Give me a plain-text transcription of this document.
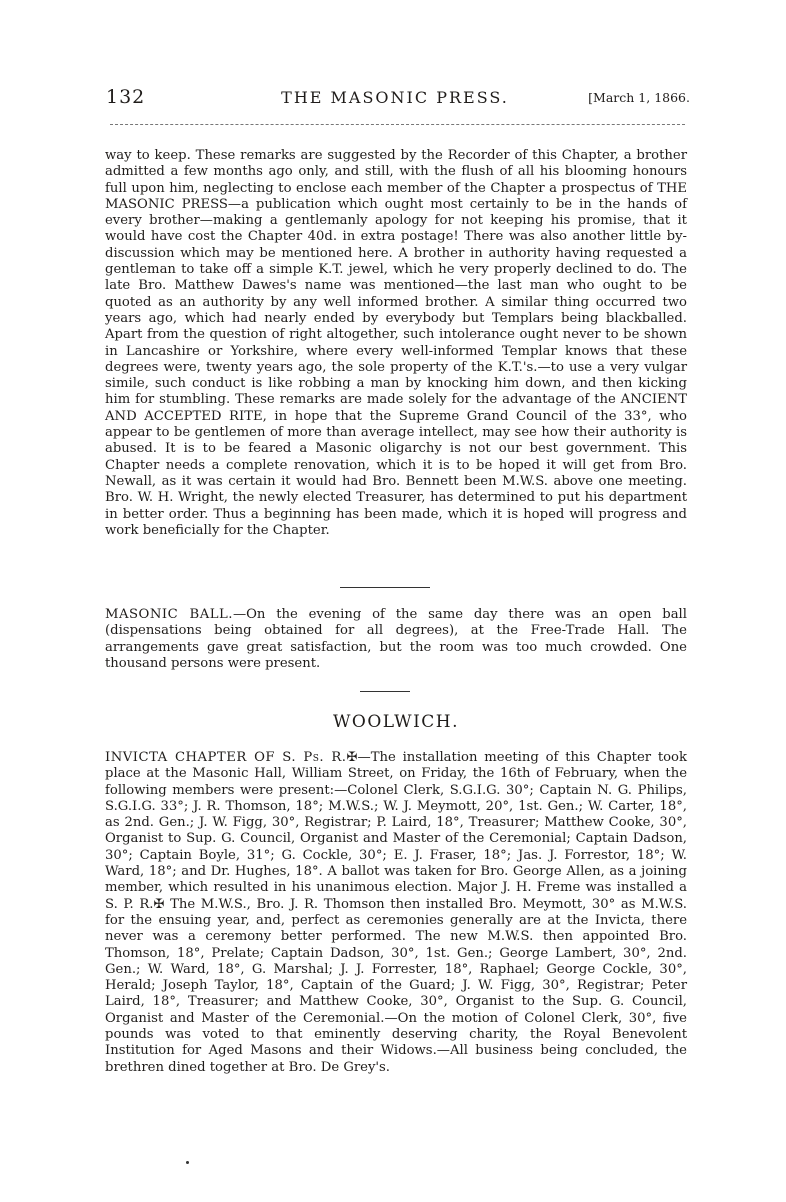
132	THE MASONIC PRESS.	[March 1, 1866.

way to keep. These remarks are suggested by the Recorder of this Chapter, a brother admitted a few months ago only, and still, with the flush of all his blooming honours full upon him, neglecting to enclose each member of the Chapter a prospectus of THE MASONIC PRESS—a publication which ought most certainly to be in the hands of every brother—making a gentlemanly apology for not keeping his promise, that it would have cost the Chapter 40d. in extra postage! There was also another little by-discussion which may be mentioned here. A brother in authority having requested a gentleman to take off a simple K.T. jewel, which he very properly declined to do. The late Bro. Matthew Dawes's name was mentioned—the last man who ought to be quoted as an authority by any well informed brother. A similar thing occurred two years ago, which had nearly ended by everybody but Templars being blackballed. Apart from the question of right altogether, such intolerance ought never to be shown in Lancashire or Yorkshire, where every well-informed Templar knows that these degrees were, twenty years ago, the sole property of the K.T.'s.—to use a very vulgar simile, such conduct is like robbing a man by knocking him down, and then kicking him for stumbling. These remarks are made solely for the advantage of the ANCIENT AND ACCEPTED RITE, in hope that the Supreme Grand Council of the 33°, who appear to be gentlemen of more than average intellect, may see how their authority is abused. It is to be feared a Masonic oligarchy is not our best government. This Chapter needs a complete renovation, which it is to be hoped it will get from Bro. Newall, as it was certain it would had Bro. Bennett been M.W.S. above one meeting. Bro. W. H. Wright, the newly elected Treasurer, has determined to put his department in better order. Thus a beginning has been made, which it is hoped will progress and work beneficially for the Chapter.

MASONIC BALL.—On the evening of the same day there was an open ball (dispensations being obtained for all degrees), at the Free-Trade Hall. The arrangements gave great satisfaction, but the room was too much crowded. One thousand persons were present.

WOOLWICH.

INVICTA CHAPTER OF S. Ps. R.✠—The installation meeting of this Chapter took place at the Masonic Hall, William Street, on Friday, the 16th of February, when the following members were present:—Colonel Clerk, S.G.I.G. 30°; Captain N. G. Philips, S.G.I.G. 33°; J. R. Thomson, 18°; M.W.S.; W. J. Meymott, 20°, 1st. Gen.; W. Carter, 18°, as 2nd. Gen.; J. W. Figg, 30°, Registrar; P. Laird, 18°, Treasurer; Matthew Cooke, 30°, Organist to Sup. G. Council, Organist and Master of the Ceremonial; Captain Dadson, 30°; Captain Boyle, 31°; G. Cockle, 30°; E. J. Fraser, 18°; Jas. J. Forrestor, 18°; W. Ward, 18°; and Dr. Hughes, 18°. A ballot was taken for Bro. George Allen, as a joining member, which resulted in his unanimous election. Major J. H. Freme was installed a S. P. R.✠ The M.W.S., Bro. J. R. Thomson then installed Bro. Meymott, 30° as M.W.S. for the ensuing year, and, perfect as ceremonies generally are at the Invicta, there never was a ceremony better performed. The new M.W.S. then appointed Bro. Thomson, 18°, Prelate; Captain Dadson, 30°, 1st. Gen.; George Lambert, 30°, 2nd. Gen.; W. Ward, 18°, G. Marshal; J. J. Forrester, 18°, Raphael; George Cockle, 30°, Herald; Joseph Taylor, 18°, Captain of the Guard; J. W. Figg, 30°, Registrar; Peter Laird, 18°, Treasurer; and Matthew Cooke, 30°, Organist to the Sup. G. Council, Organist and Master of the Ceremonial.—On the motion of Colonel Clerk, 30°, five pounds was voted to that eminently deserving charity, the Royal Benevolent Institution for Aged Masons and their Widows.—All business being concluded, the brethren dined together at Bro. De Grey's.
